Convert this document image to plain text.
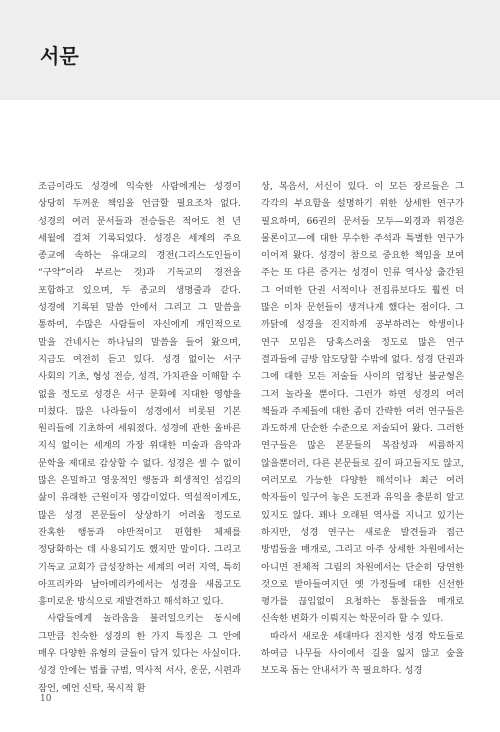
서문

조금이라도 성경에 익숙한 사람에게는 성경이 상당히 두꺼운 책임을 언급할 필요조차 없다. 성경의 여러 문서들과 전승들은 적어도 천 년 세월에 걸쳐 기록되었다. 성경은 세계의 주요 종교에 속하는 유대교의 경전(그리스도인들이 “구약”이라 부르는 것)과 기독교의 경전을 포함하고 있으며, 두 종교의 생명줄과 같다. 성경에 기록된 말씀 안에서 그리고 그 말씀을 통하여, 수많은 사람들이 자신에게 개인적으로 말을 건네시는 하나님의 말씀을 들어 왔으며, 지금도 여전히 듣고 있다. 성경 없이는 서구 사회의 기초, 형성 전승, 성격, 가치관을 이해할 수 없을 정도로 성경은 서구 문화에 지대한 영향을 미쳤다. 많은 나라들이 성경에서 비롯된 기본 원리들에 기초하여 세워졌다. 성경에 관한 올바른 지식 없이는 세계의 가장 위대한 미술과 음악과 문학을 제대로 감상할 수 없다. 성경은 셀 수 없이 많은 은밀하고 영웅적인 행동과 희생적인 섬김의 삶이 유래한 근원이자 영감이었다. 역설적이게도, 많은 성경 본문들이 상상하기 어려울 정도로 잔혹한 행동과 야만적이고 편협한 체제를 정당화하는 데 사용되기도 했지만 말이다. 그리고 기독교 교회가 급성장하는 세계의 여러 지역, 특히 아프리카와 남아메리카에서는 성경을 새롭고도 흥미로운 방식으로 재발견하고 해석하고 있다.

사람들에게 놀라움을 불러일으키는 동시에 그만큼 친숙한 성경의 한 가지 특징은 그 안에 매우 다양한 유형의 글들이 담겨 있다는 사실이다. 성경 안에는 법률 규범, 역사적 서사, 운문, 시편과 잠언, 예언 신탁, 묵시적 환

상, 복음서, 서신이 있다. 이 모든 장르들은 그 각각의 부요함을 설명하기 위한 상세한 연구가 필요하며, 66권의 문서들 모두—외경과 위경은 물론이고—에 대한 무수한 주석과 특별한 연구가 이어져 왔다. 성경이 참으로 중요한 책임을 보여 주는 또 다른 증거는 성경이 인류 역사상 출간된 그 어떠한 단권 서적이나 전집류보다도 훨씬 더 많은 이차 문헌들이 생겨나게 했다는 점이다. 그 까닭에 성경을 진지하게 공부하려는 학생이나 연구 모임은 당혹스러울 정도로 많은 연구 결과들에 금방 압도당할 수밖에 없다. 성경 단권과 그에 대한 모든 저술들 사이의 엄청난 불균형은 그저 놀라울 뿐이다. 그런가 하면 성경의 여러 책들과 주제들에 대한 좀더 간략한 여러 연구들은 과도하게 단순한 수준으로 저술되어 왔다. 그러한 연구들은 많은 본문들의 복잡성과 씨름하지 않을뿐더러, 다른 본문들로 깊이 파고들지도 않고, 여러모로 가능한 다양한 해석이나 최근 여러 학자들이 일구어 놓은 도전과 유익을 충분히 알고 있지도 않다. 꽤나 오래된 역사를 지니고 있기는 하지만, 성경 연구는 새로운 발견들과 접근 방법들을 매개로, 그리고 아주 상세한 차원에서는 아니면 전체적 그림의 차원에서는 단순히 당연한 것으로 받아들여지던 옛 가정들에 대한 신선한 평가를 끊임없이 요청하는 통찰들을 매개로 신속한 변화가 이뤄지는 학문이라 할 수 있다.

따라서 새로운 세대마다 진지한 성경 학도들로 하여금 나무들 사이에서 길을 잃지 않고 숲을 보도록 돕는 안내서가 꼭 필요하다. 성경

10
